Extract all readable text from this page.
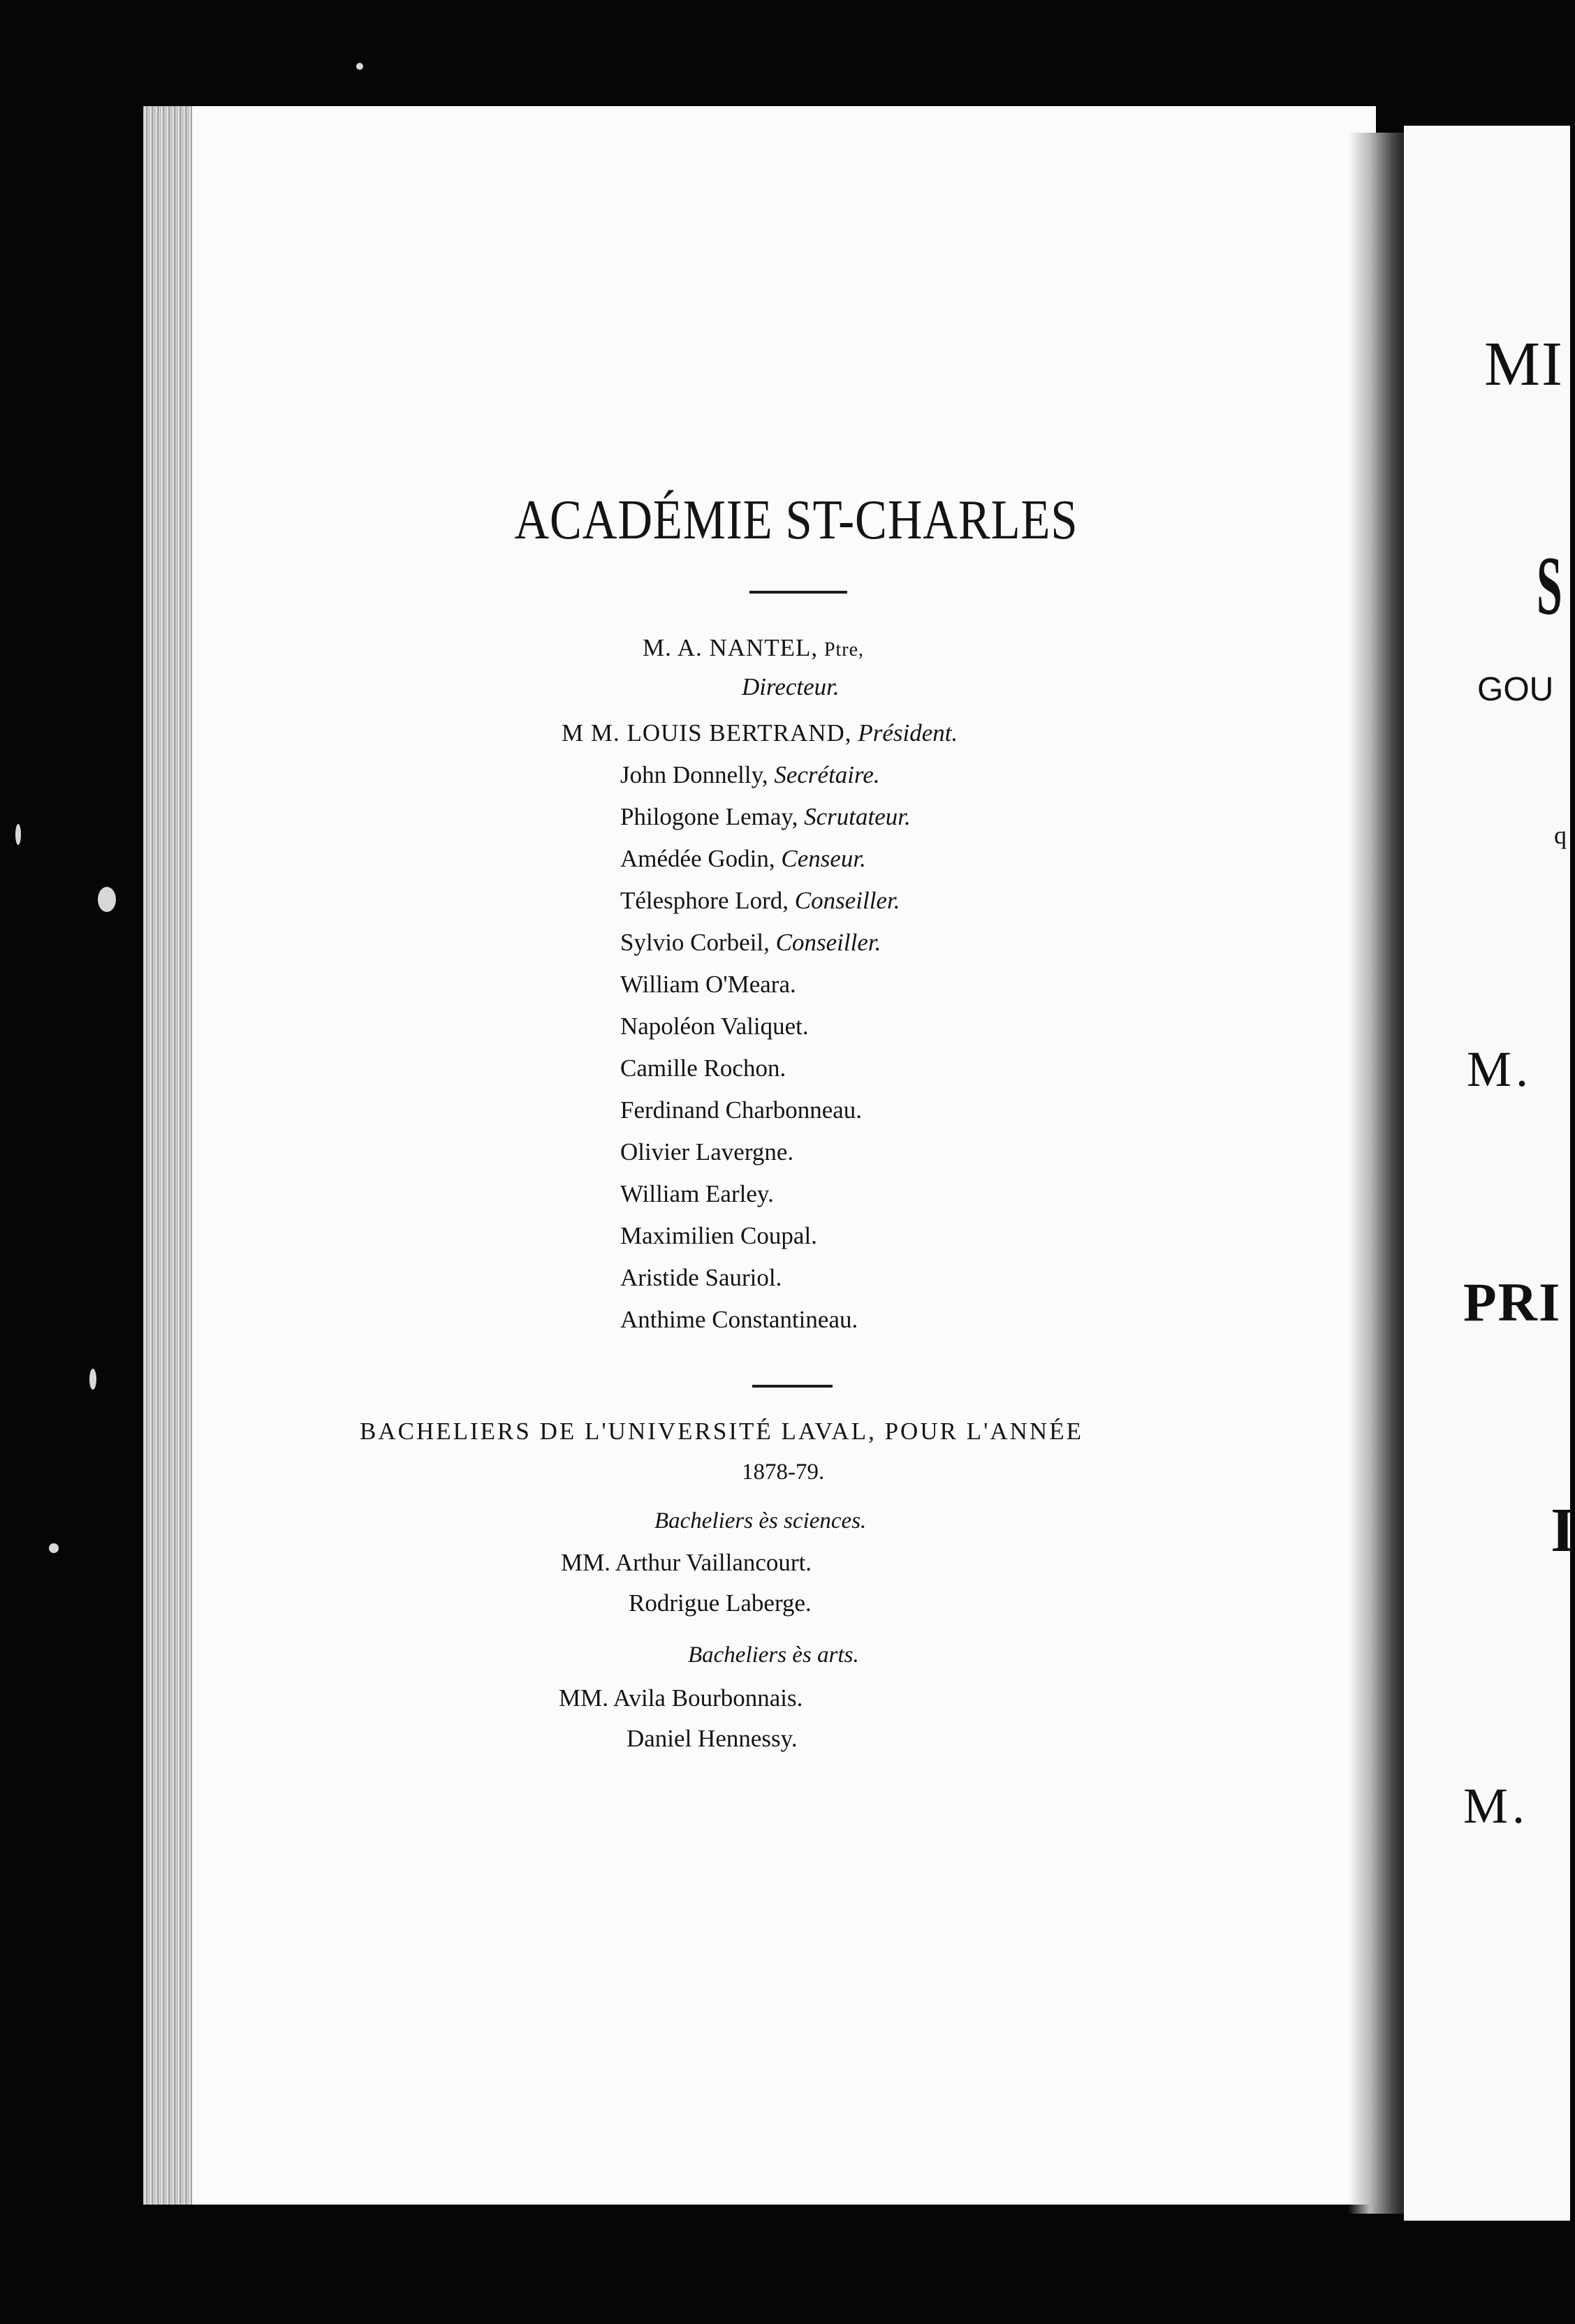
ACADÉMIE ST-CHARLES
M. A. NANTEL, Ptre,
Directeur.
M M. LOUIS BERTRAND, Président.
John Donnelly, Secrétaire.
Philogone Lemay, Scrutateur.
Amédée Godin, Censeur.
Télesphore Lord, Conseiller.
Sylvio Corbeil, Conseiller.
William O'Meara.
Napoléon Valiquet.
Camille Rochon.
Ferdinand Charbonneau.
Olivier Lavergne.
William Earley.
Maximilien Coupal.
Aristide Sauriol.
Anthime Constantineau.
BACHELIERS DE L'UNIVERSITÉ LAVAL, POUR L'ANNÉE
1878-79.
Bacheliers ès sciences.
MM. Arthur Vaillancourt.
Rodrigue Laberge.
Bacheliers ès arts.
MM. Avila Bourbonnais.
Daniel Hennessy.
MI
S
GOU
q
M.
PRI
I
M.
